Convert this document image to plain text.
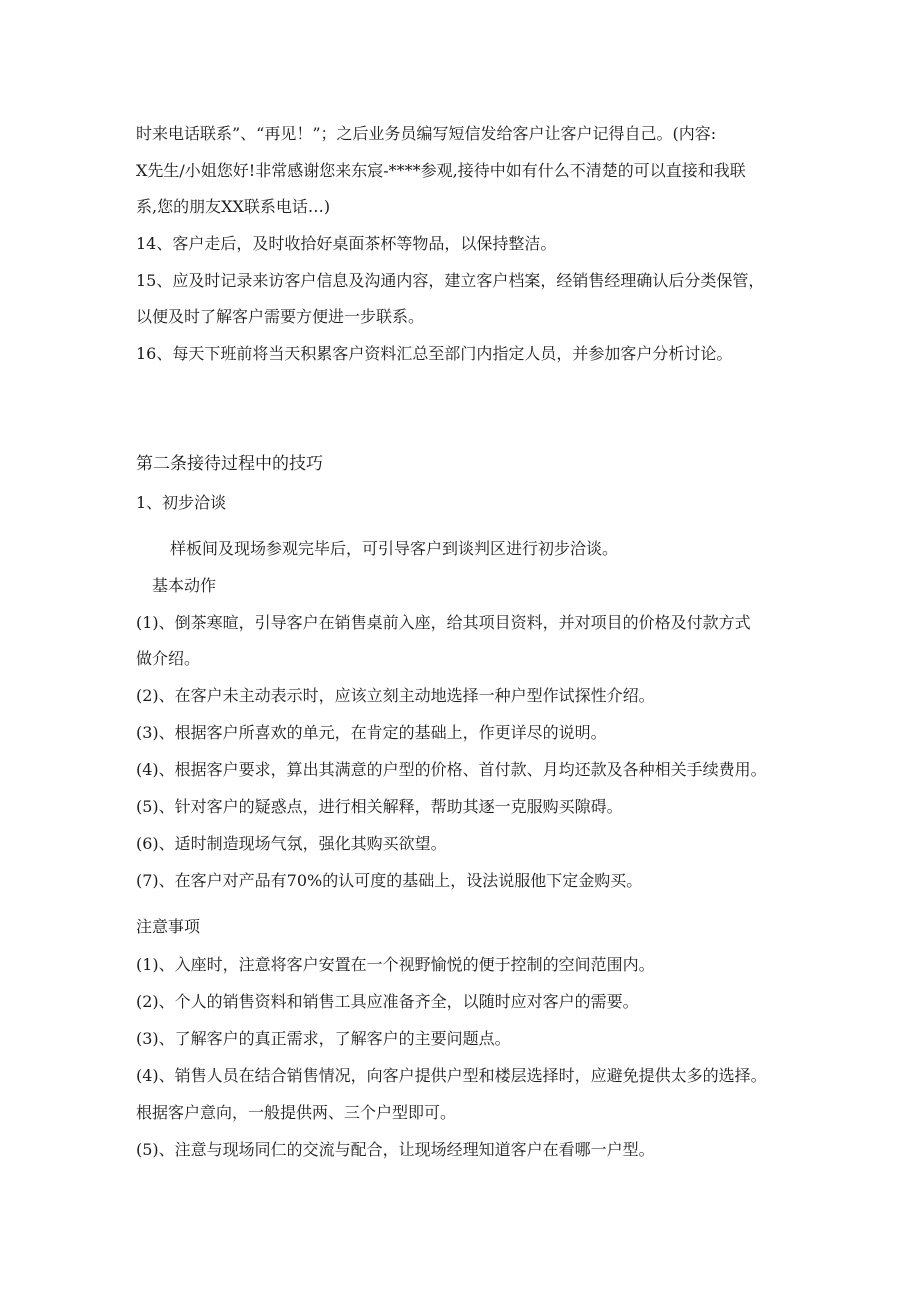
时来电话联系”、“再见！”；之后业务员编写短信发给客户让客户记得自己。(内容:
X先生/小姐您好!非常感谢您来东宸-****参观,接待中如有什么不清楚的可以直接和我联
系,您的朋友XX联系电话…)
14、客户走后，及时收拾好桌面茶杯等物品，以保持整洁。
15、应及时记录来访客户信息及沟通内容，建立客户档案，经销售经理确认后分类保管，
以便及时了解客户需要方便进一步联系。
16、每天下班前将当天积累客户资料汇总至部门内指定人员，并参加客户分析讨论。
第二条接待过程中的技巧
1、初步洽谈
样板间及现场参观完毕后，可引导客户到谈判区进行初步洽谈。
基本动作
(1)、倒茶寒暄，引导客户在销售桌前入座，给其项目资料，并对项目的价格及付款方式
做介绍。
(2)、在客户未主动表示时，应该立刻主动地选择一种户型作试探性介绍。
(3)、根据客户所喜欢的单元，在肯定的基础上，作更详尽的说明。
(4)、根据客户要求，算出其满意的户型的价格、首付款、月均还款及各种相关手续费用。
(5)、针对客户的疑惑点，进行相关解释，帮助其逐一克服购买隙碍。
(6)、适时制造现场气氛，强化其购买欲望。
(7)、在客户对产品有70%的认可度的基础上，设法说服他下定金购买。
注意事项
(1)、入座时，注意将客户安置在一个视野愉悦的便于控制的空间范围内。
(2)、个人的销售资料和销售工具应准备齐全，以随时应对客户的需要。
(3)、了解客户的真正需求，了解客户的主要问题点。
(4)、销售人员在结合销售情况，向客户提供户型和楼层选择时，应避免提供太多的选择。
根据客户意向，一般提供两、三个户型即可。
(5)、注意与现场同仁的交流与配合，让现场经理知道客户在看哪一户型。
